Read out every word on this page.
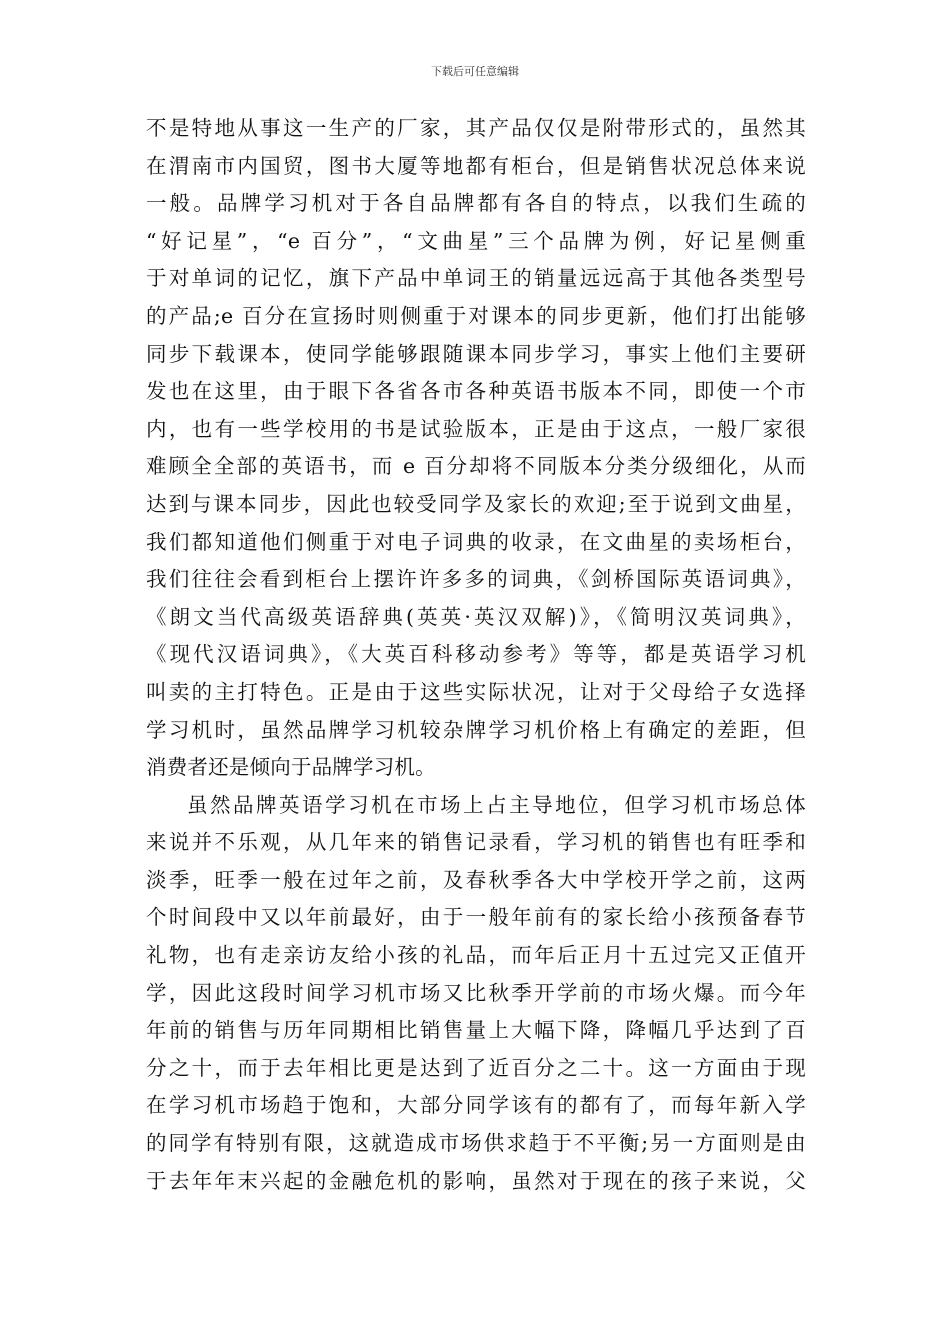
下载后可任意编辑
不是特地从事这一生产的厂家，其产品仅仅是附带形式的，虽然其
在渭南市内国贸，图书大厦等地都有柜台，但是销售状况总体来说
一般。品牌学习机对于各自品牌都有各自的特点，以我们生疏的
“好记星”，“e 百分”，“文曲星”三个品牌为例，好记星侧重
于对单词的记忆，旗下产品中单词王的销量远远高于其他各类型号
的产品;e 百分在宣扬时则侧重于对课本的同步更新，他们打出能够
同步下载课本，使同学能够跟随课本同步学习，事实上他们主要研
发也在这里，由于眼下各省各市各种英语书版本不同，即使一个市
内，也有一些学校用的书是试验版本，正是由于这点，一般厂家很
难顾全全部的英语书，而 e 百分却将不同版本分类分级细化，从而
达到与课本同步，因此也较受同学及家长的欢迎;至于说到文曲星，
我们都知道他们侧重于对电子词典的收录，在文曲星的卖场柜台，
我们往往会看到柜台上摆许许多多的词典，《剑桥国际英语词典》，
《朗文当代高级英语辞典(英英·英汉双解)》，《简明汉英词典》，
《现代汉语词典》，《大英百科移动参考》等等，都是英语学习机
叫卖的主打特色。正是由于这些实际状况，让对于父母给子女选择
学习机时，虽然品牌学习机较杂牌学习机价格上有确定的差距，但
消费者还是倾向于品牌学习机。
虽然品牌英语学习机在市场上占主导地位，但学习机市场总体
来说并不乐观，从几年来的销售记录看，学习机的销售也有旺季和
淡季，旺季一般在过年之前，及春秋季各大中学校开学之前，这两
个时间段中又以年前最好，由于一般年前有的家长给小孩预备春节
礼物，也有走亲访友给小孩的礼品，而年后正月十五过完又正值开
学，因此这段时间学习机市场又比秋季开学前的市场火爆。而今年
年前的销售与历年同期相比销售量上大幅下降，降幅几乎达到了百
分之十，而于去年相比更是达到了近百分之二十。这一方面由于现
在学习机市场趋于饱和，大部分同学该有的都有了，而每年新入学
的同学有特别有限，这就造成市场供求趋于不平衡;另一方面则是由
于去年年末兴起的金融危机的影响，虽然对于现在的孩子来说，父
